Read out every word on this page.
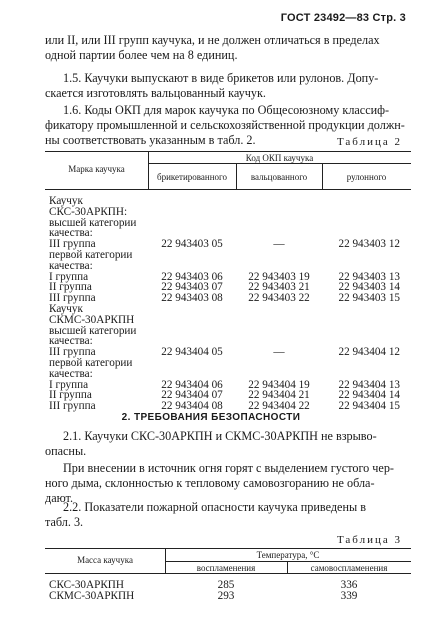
ГОСТ 23492—83 Стр. 3
или II, или III групп каучука, и не должен отличаться в пределах
одной партии более чем на 8 единиц.
1.5. Каучуки выпускают в виде брикетов или рулонов. Допу-
скается изготовлять вальцованный каучук.
1.6. Коды ОКП для марок каучука по Общесоюзному классиф-
фикатору промышленной и сельскохозяйственной продукции должн-
ны соответствовать указанным в табл. 2.	Таблица 2
Марка каучука
Код ОКП каучука
брикетированного	вальцованного	рулонного
Каучук
СКС-30АРКПН:
высшей категории
качества:
III группа	22 943403 05	—	22 943403 12
первой категории
качества:
I группа	22 943403 06	22 943403 19	22 943403 13
II группа	22 943403 07	22 943403 21	22 943403 14
III группа	22 943403 08	22 943403 22	22 943403 15
Каучук
СКМС-30АРКПН
высшей категории
качества:
III группа	22 943404 05	—	22 943404 12
первой категории
качества:
I группа	22 943404 06	22 943404 19	22 943404 13
II группа	22 943404 07	22 943404 21	22 943404 14
III группа	22 943404 08	22 943404 22	22 943404 15
2. ТРЕБОВАНИЯ БЕЗОПАСНОСТИ
2.1. Каучуки СКС-30АРКПН и СКМС-30АРКПН не взрыво-
опасны.
При внесении в источник огня горят с выделением густого чер-
ного дыма, склонностью к тепловому самовозгоранию не обла-
дают.
2.2. Показатели пожарной опасности каучука приведены в
табл. 3.
Таблица 3
Масса каучука	Температура, °С
воспламенения	самовоспламенения
СКС-30АРКПН	285	336
СКМС-30АРКПН	293	339
